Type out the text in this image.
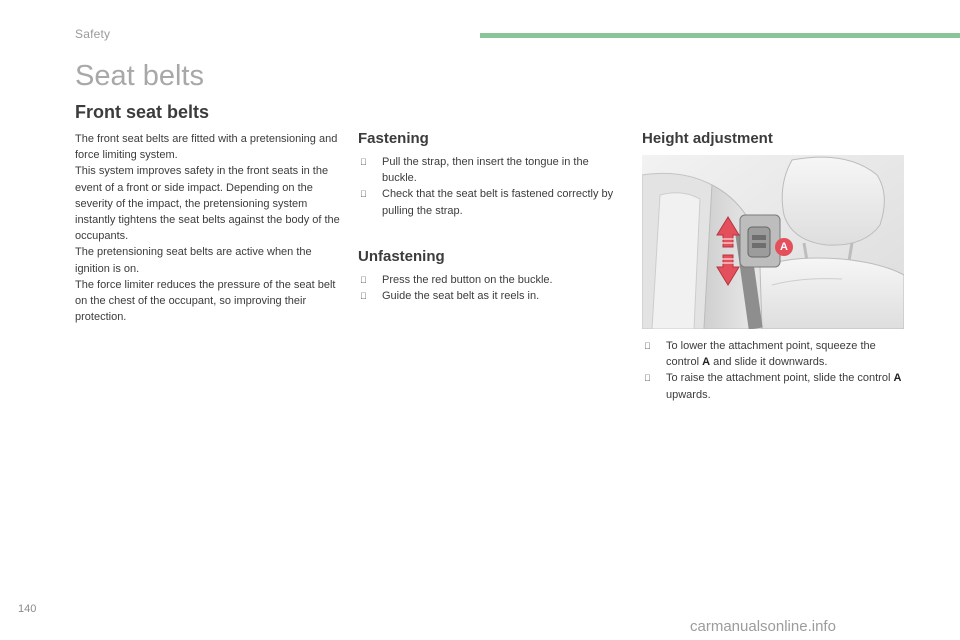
Safety
Seat belts
Front seat belts

The front seat belts are fitted with a pretensioning and force limiting system.

This system improves safety in the front seats in the event of a front or side impact. Depending on the severity of the impact, the pretensioning system instantly tightens the seat belts against the body of the occupants.

The pretensioning seat belts are active when the ignition is on.

The force limiter reduces the pressure of the seat belt on the chest of the occupant, so improving their protection.

Fastening
Pull the strap, then insert the tongue in the buckle.
Check that the seat belt is fastened correctly by pulling the strap.
Unfastening
Press the red button on the buckle.
Guide the seat belt as it reels in.
Height adjustment
A
To lower the attachment point, squeeze the control A and slide it downwards.
To raise the attachment point, slide the control A upwards.
140
carmanualsonline.info
